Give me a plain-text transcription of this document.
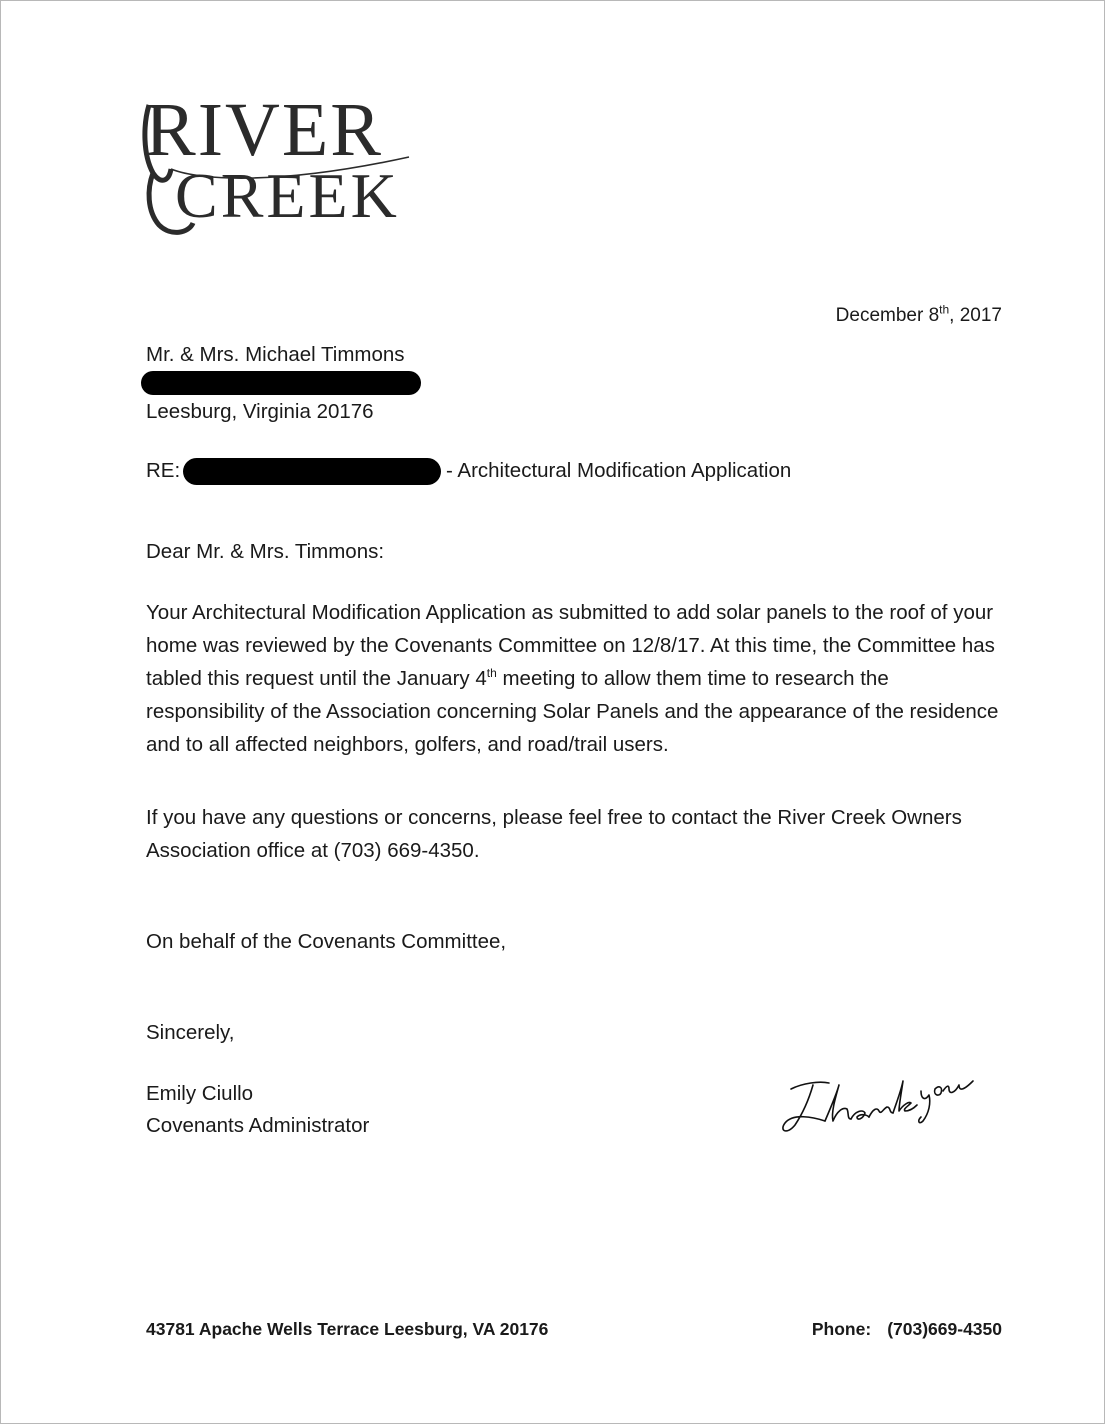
RIVER
CREEK
December 8th, 2017
Mr. & Mrs. Michael Timmons
Leesburg, Virginia 20176
RE:	- Architectural Modification Application
Dear Mr. & Mrs. Timmons:
Your Architectural Modification Application as submitted to add solar panels to the roof of your
home was reviewed by the Covenants Committee on 12/8/17. At this time, the Committee has
tabled this request until the January 4th meeting to allow them time to research the
responsibility of the Association concerning Solar Panels and the appearance of the residence
and to all affected neighbors, golfers, and road/trail users.
If you have any questions or concerns, please feel free to contact the River Creek Owners
Association office at (703) 669-4350.
On behalf of the Covenants Committee,
Sincerely,
Emily Ciullo
Covenants Administrator
43781 Apache Wells Terrace Leesburg, VA 20176	Phone: (703)669-4350
